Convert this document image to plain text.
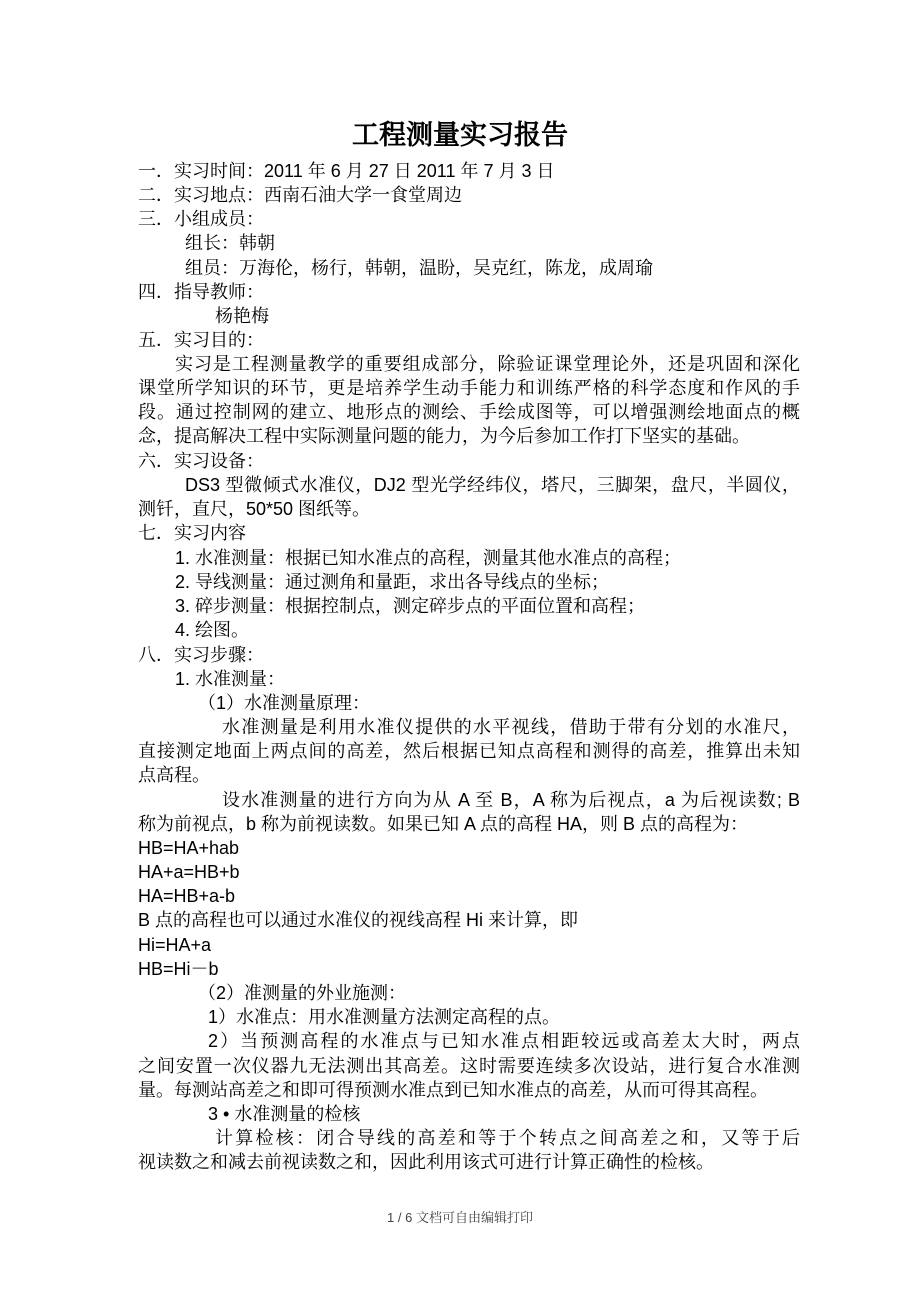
工程测量实习报告
一．实习时间：2011 年 6 月 27 日 2011 年 7 月 3 日
二．实习地点：西南石油大学一食堂周边
三．小组成员：
组长：韩朝
组员：万海伦，杨行，韩朝，温盼，吴克红，陈龙，成周瑜
四．指导教师：
杨艳梅
五．实习目的：
实习是工程测量教学的重要组成部分，除验证课堂理论外，还是巩固和深化
课堂所学知识的环节，更是培养学生动手能力和训练严格的科学态度和作风的手
段。通过控制网的建立、地形点的测绘、手绘成图等，可以增强测绘地面点的概
念，提高解决工程中实际测量问题的能力，为今后参加工作打下坚实的基础。
六．实习设备：
DS3 型微倾式水准仪，DJ2 型光学经纬仪，塔尺，三脚架，盘尺，半圆仪，
测钎，直尺，50*50 图纸等。
七．实习内容
1. 水准测量：根据已知水准点的高程，测量其他水准点的高程；
2. 导线测量：通过测角和量距，求出各导线点的坐标；
3. 碎步测量：根据控制点，测定碎步点的平面位置和高程；
4. 绘图。
八．实习步骤：
1. 水准测量：
（1）水准测量原理：
水准测量是利用水准仪提供的水平视线，借助于带有分划的水准尺，
直接测定地面上两点间的高差，然后根据已知点高程和测得的高差，推算出未知
点高程。
设水准测量的进行方向为从 A 至 B，A 称为后视点，a 为后视读数; B
称为前视点，b 称为前视读数。如果已知 A 点的高程 HA，则 B 点的高程为：
HB=HA+hab
HA+a=HB+b
HA=HB+a-b
B 点的高程也可以通过水准仪的视线高程 Hi 来计算，即
Hi=HA+a
HB=Hi－b
（2）准测量的外业施测：
1）水准点：用水准测量方法测定高程的点。
2）当预测高程的水准点与已知水准点相距较远或高差太大时，两点
之间安置一次仪器九无法测出其高差。这时需要连续多次设站，进行复合水准测
量。每测站高差之和即可得预测水准点到已知水准点的高差，从而可得其高程。
3 • 水准测量的检核
计算检核：闭合导线的高差和等于个转点之间高差之和，又等于后
视读数之和减去前视读数之和，因此利用该式可进行计算正确性的检核。
1 / 6 文档可自由编辑打印
